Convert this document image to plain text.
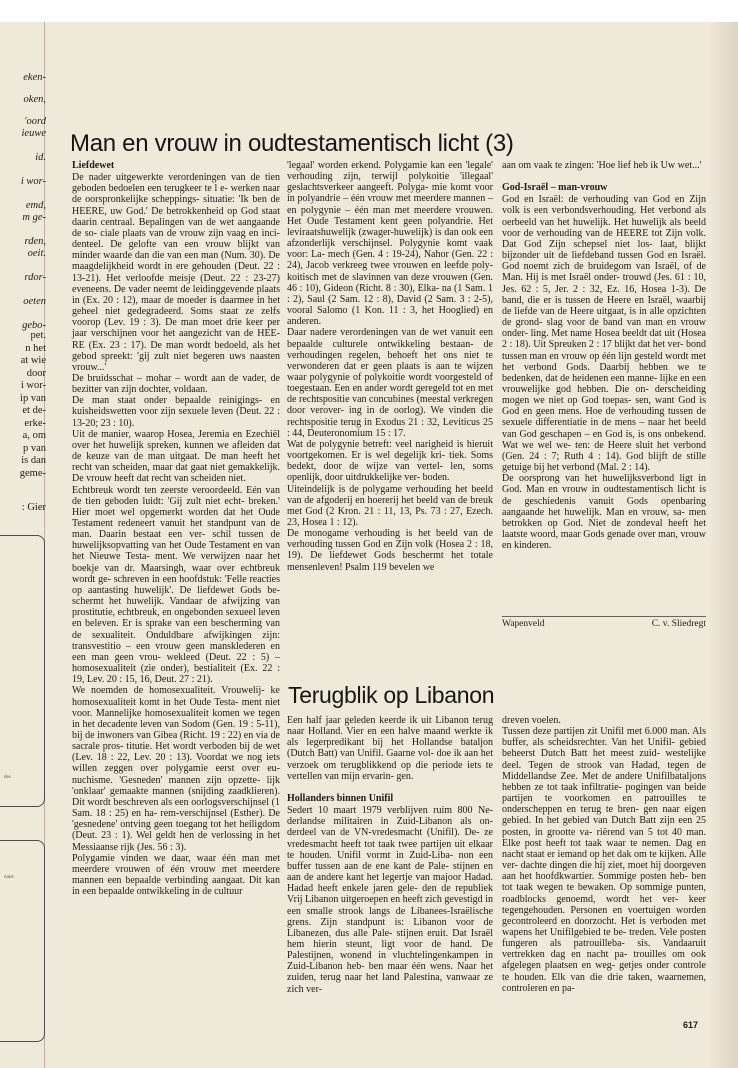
eken-
oken,
'oord
ieuwe
id.
i wor-
emd,
m ge-
rden,
oeit.
rdor-
oeten
gebo-
pet.
n het
at wie
door
i wor-
ip van
et de-
erke-
a, om
p van
is dan
geme-
: Gier
des
ouist
Man en vrouw in oudtestamentisch licht (3)

Liefdewet

De nader uitgewerkte verordeningen van de tien geboden bedoelen een terugkeer te l e- werken naar de oorspronkelijke scheppings- situatie: 'Ik ben de HEERE, uw God.' De betrokkenheid op God staat daarin centraal. Bepalingen van de wet aangaande de so- ciale plaats van de vrouw zijn vaag en inci- denteel. De gelofte van een vrouw blijkt van minder waarde dan die van een man (Num. 30). De maagdelijkheid wordt in ere gehouden (Deut. 22 : 13-21). Het verloofde meisje (Deut. 22 : 23-27) eveneens. De vader neemt de leidinggevende plaats in (Ex. 20 : 12), maar de moeder is daarmee in het geheel niet gedegradeerd. Soms staat ze zelfs voorop (Lev. 19 : 3). De man moet drie keer per jaar verschijnen voor het aangezicht van de HEE- RE (Ex. 23 : 17). De man wordt bedoeld, als het gebod spreekt: 'gij zult niet begeren uws naasten vrouw...'

De bruidsschat – mohar – wordt aan de vader, de bezitter van zijn dochter, voldaan.

De man staat onder bepaalde reinigings- en kuisheidswetten voor zijn sexuele leven (Deut. 22 : 13-20; 23 : 10).

Uit de manier, waarop Hosea, Jeremia en Ezechiël over het huwelijk spreken, kunnen we afleiden dat de keuze van de man uitgaat. De man heeft het recht van scheiden, maar dat gaat niet gemakkelijk. De vrouw heeft dat recht van scheiden niet.

Echtbreuk wordt ten zeerste veroordeeld. Eén van de tien geboden luidt: 'Gij zult niet echt- breken.' Hier moet wel opgemerkt worden dat het Oude Testament redeneert vanuit het standpunt van de man. Daarin bestaat een ver- schil tussen de huwelijksopvatting van het Oude Testament en van het Nieuwe Testa- ment. We verwijzen naar het boekje van dr. Maarsingh, waar over echtbreuk wordt ge- schreven in een hoofdstuk: 'Felle reacties op aantasting huwelijk'. De liefdewet Gods be- schermt het huwelijk. Vandaar de afwijzing van prostitutie, echtbreuk, en ongebonden sexueel leven en beleven. Er is sprake van een bescherming van de sexualiteit. Onduldbare afwijkingen zijn: transvestitio – een vrouw geen mansklederen en een man geen vrou- wekleed (Deut. 22 : 5) – homosexualiteit (zie onder), bestialiteit (Ex. 22 : 19, Lev. 20 : 15, 16, Deut. 27 : 21).

We noemden de homosexualiteit. Vrouwelij- ke homosexualiteit komt in het Oude Testa- ment niet voor. Mannelijke homosexualiteit komen we tegen in het decadente leven van Sodom (Gen. 19 : 5-11), bij de inwoners van Gibea (Richt. 19 : 22) en via de sacrale pros- titutie. Het wordt verboden bij de wet (Lev. 18 : 22, Lev. 20 : 13). Voordat we nog iets willen zeggen over polygamie eerst over eu- nuchisme. 'Gesneden' mannen zijn opzette- lijk 'onklaar' gemaakte mannen (snijding zaadklieren). Dit wordt beschreven als een oorlogsverschijnsel (1 Sam. 18 : 25) en ha- rem-verschijnsel (Esther). De 'gesnedene' ontving geen toegang tot het heiligdom (Deut. 23 : 1). Wel geldt hen de verlossing in het Messiaanse rijk (Jes. 56 : 3).

Polygamie vinden we daar, waar één man met meerdere vrouwen of één vrouw met meerdere mannen een bepaalde verbinding aangaat. Dit kan in een bepaalde ontwikkeling in de cultuur

'legaal' worden erkend. Polygamie kan een 'legale' verhouding zijn, terwijl polykoitie 'illegaal' geslachtsverkeer aangeeft. Polyga- mie komt voor in polyandrie – één vrouw met meerdere mannen – en polygynie – één man met meerdere vrouwen. Het Oude Testament kent geen polyandrie. Het leviraatshuwelijk (zwager-huwelijk) is dan ook een afzonderlijk verschijnsel. Polygynie komt vaak voor: La- mech (Gen. 4 : 19-24), Nahor (Gen. 22 : 24), Jacob verkreeg twee vrouwen en leefde poly- koitisch met de slavinnen van deze vrouwen (Gen. 46 : 10), Gideon (Richt. 8 : 30), Elka- na (1 Sam. 1 : 2), Saul (2 Sam. 12 : 8), David (2 Sam. 3 : 2-5), vooral Salomo (1 Kon. 11 : 3, het Hooglied) en anderen.

Daar nadere verordeningen van de wet vanuit een bepaalde culturele ontwikkeling bestaan- de verhoudingen regelen, behoeft het ons niet te verwonderen dat er geen plaats is aan te wijzen waar polygynie of polykoitie wordt voorgesteld of toegestaan. Een en ander wordt geregeld tot en met de rechtspositie van concubines (meestal verkregen door verover- ing in de oorlog). We vinden die rechtspositie terug in Exodus 21 : 32, Leviticus 25 : 44, Deuteronomium 15 : 17.

Wat de polygynie betreft: veel narigheid is hieruit voortgekomen. Er is wel degelijk kri- tiek. Soms bedekt, door de wijze van vertel- len, soms openlijk, door uitdrukkelijke ver- boden.

Uiteindelijk is de polygame verhouding het beeld van de afgoderij en hoererij het beeld van de breuk met God (2 Kron. 21 : 11, 13, Ps. 73 : 27, Ezech. 23, Hosea 1 : 12).

De monogame verhouding is het beeld van de verhouding tussen God en Zijn volk (Hosea 2 : 18, 19). De liefdewet Gods beschermt het totale mensenleven! Psalm 119 bevelen we

aan om vaak te zingen: 'Hoe lief heb ik Uw wet...'

God-Israël – man-vrouw

God en Israël: de verhouding van God en Zijn volk is een verbondsverhouding. Het verbond als oerbeeld van het huwelijk. Het huwelijk als beeld voor de verhouding van de HEERE tot Zijn volk. Dat God Zijn schepsel niet los- laat, blijkt bijzonder uit de liefdeband tussen God en Israël. God noemt zich de bruidegom van Israël, of de Man. Hij is met Israël onder- trouwd (Jes. 61 : 10, Jes. 62 : 5, Jer. 2 : 32, Ez. 16, Hosea 1-3). De band, die er is tussen de Heere en Israël, waarbij de liefde van de Heere uitgaat, is in alle opzichten de grond- slag voor de band van man en vrouw onder- ling. Met name Hosea beeldt dat uit (Hosea 2 : 18). Uit Spreuken 2 : 17 blijkt dat het ver- bond tussen man en vrouw op één lijn gesteld wordt met het verbond Gods. Daarbij hebben we te bedenken, dat de heidenen een manne- lijke en een vrouwelijke god hebben. Die on- derscheiding mogen we niet op God toepas- sen, want God is God en geen mens. Hoe de verhouding tussen de sexuele differentiatie in de mens – naar het beeld van God geschapen – en God is, is ons onbekend. Wat we wel we- ten: de Heere sluit het verbond (Gen. 24 : 7; Ruth 4 : 14). God blijft de stille getuige bij het verbond (Mal. 2 : 14).

De oorsprong van het huwelijksverbond ligt in God. Man en vrouw in oudtestamentisch licht is de geschiedenis vanuit Gods openbaring aangaande het huwelijk. Man en vrouw, sa- men betrokken op God. Niet de zondeval heeft het laatste woord, maar Gods genade over man, vrouw en kinderen.

Wapenveld	C. v. Sliedregt
Terugblik op Libanon

Een half jaar geleden keerde ik uit Libanon terug naar Holland. Vier en een halve maand werkte ik als legerpredikant bij het Hollandse bataljon (Dutch Batt) van Unifil. Gaarne vol- doe ik aan het verzoek om terugblikkend op die periode iets te vertellen van mijn ervarin- gen.

Hollanders binnen Unifil

Sedert 10 maart 1979 verblijven ruim 800 Ne- derlandse militairen in Zuid-Libanon als on- derdeel van de VN-vredesmacht (Unifil). De- ze vredesmacht heeft tot taak twee partijen uit elkaar te houden. Unifil vormt in Zuid-Liba- non een buffer tussen aan de ene kant de Pale- stijnen en aan de andere kant het legertje van majoor Hadad. Hadad heeft enkele jaren gele- den de republiek Vrij Libanon uitgeroepen en heeft zich gevestigd in een smalle strook langs de Libanees-Israëlische grens. Zijn standpunt is: Libanon voor de Libanezen, dus alle Pale- stijnen eruit. Dat Israël hem hierin steunt, ligt voor de hand. De Palestijnen, wonend in vluchtelingenkampen in Zuid-Libanon heb- ben maar één wens. Naar het zuiden, terug naar het land Palestina, vanwaar ze zich ver-

dreven voelen.

Tussen deze partijen zit Unifil met 6.000 man. Als buffer, als scheidsrechter. Van het Unifil- gebied beheerst Dutch Batt het meest zuid- westelijke deel. Tegen de strook van Hadad, tegen de Middellandse Zee. Met de andere Unifilbataljons hebben ze tot taak infiltratie- pogingen van beide partijen te voorkomen en patrouilles te onderscheppen en terug te bren- gen naar eigen gebied. In het gebied van Dutch Batt zijn een 25 posten, in grootte va- riërend van 5 tot 40 man. Elke post heeft tot taak waar te nemen. Dag en nacht staat er iemand op het dak om te kijken. Alle ver- dachte dingen die hij ziet, moet hij doorgeven aan het hoofdkwartier. Sommige posten heb- ben tot taak wegen te bewaken. Op sommige punten, roadblocks genoemd, wordt het ver- keer tegengehouden. Personen en voertuigen worden gecontroleerd en doorzocht. Het is verboden met wapens het Unifilgebied te be- treden. Vele posten fungeren als patrouilleba- sis. Vandaaruit vertrekken dag en nacht pa- trouilles om ook afgelegen plaatsen en weg- getjes onder controle te houden. Elk van die drie taken, waarnemen, controleren en pa-

617
